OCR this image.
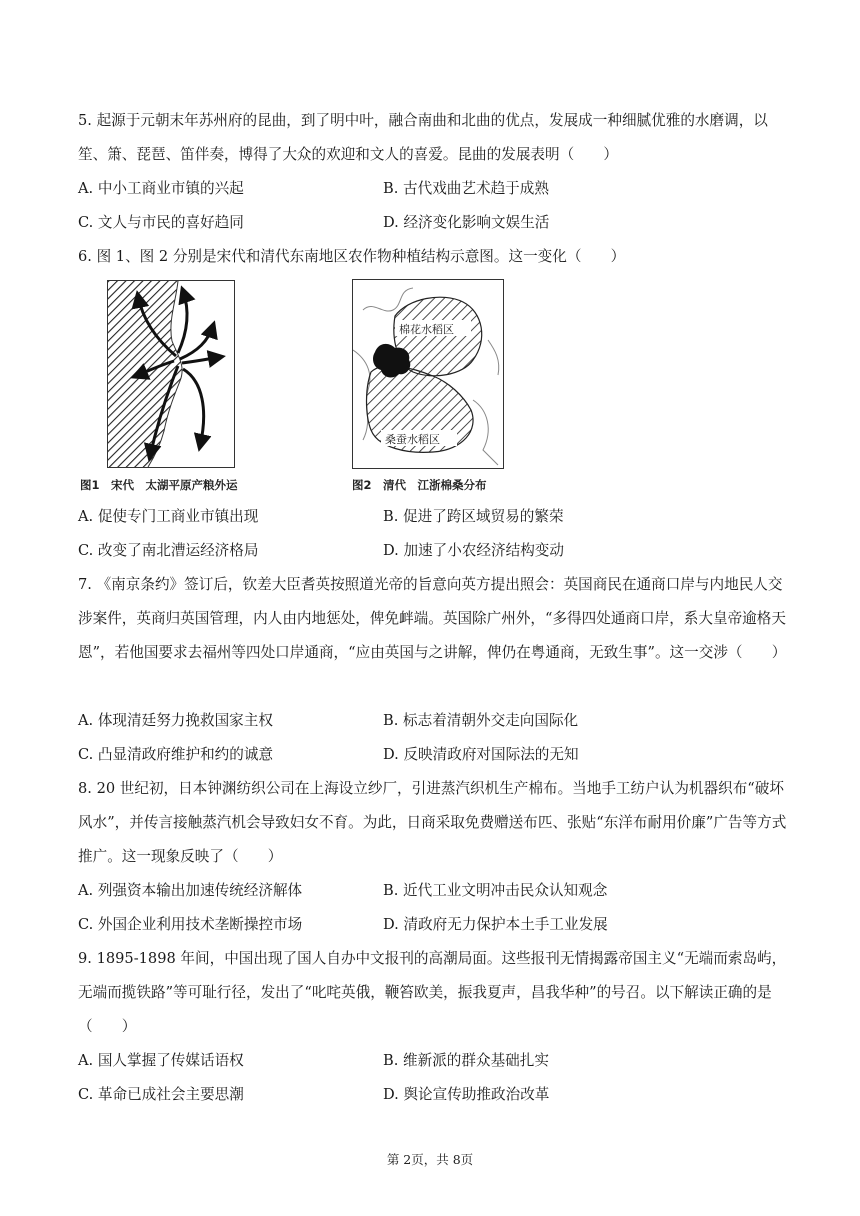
5. 起源于元朝末年苏州府的昆曲，到了明中叶，融合南曲和北曲的优点，发展成一种细腻优雅的水磨调，以笙、箫、琵琶、笛伴奏，博得了大众的欢迎和文人的喜爱。昆曲的发展表明（　　）
A. 中小工商业市镇的兴起	B. 古代戏曲艺术趋于成熟
C. 文人与市民的喜好趋同	D. 经济变化影响文娱生活
6. 图 1、图 2 分别是宋代和清代东南地区农作物种植结构示意图。这一变化（　　）
图1　宋代　太湖平原产粮外运
棉花水稻区
桑蚕水稻区
图2　清代　江浙棉桑分布
A. 促使专门工商业市镇出现	B. 促进了跨区域贸易的繁荣
C. 改变了南北漕运经济格局	D. 加速了小农经济结构变动
7. 《南京条约》签订后，钦差大臣耆英按照道光帝的旨意向英方提出照会：英国商民在通商口岸与内地民人交涉案件，英商归英国管理，内人由内地惩处，俾免衅端。英国除广州外，“多得四处通商口岸，系大皇帝逾格天恩”，若他国要求去福州等四处口岸通商，“应由英国与之讲解，俾仍在粤通商，无致生事”。这一交涉（　　）
A. 体现清廷努力挽救国家主权	B. 标志着清朝外交走向国际化
C. 凸显清政府维护和约的诚意	D. 反映清政府对国际法的无知
8. 20 世纪初，日本钟渊纺织公司在上海设立纱厂，引进蒸汽织机生产棉布。当地手工纺户认为机器织布“破坏风水”，并传言接触蒸汽机会导致妇女不育。为此，日商采取免费赠送布匹、张贴“东洋布耐用价廉”广告等方式推广。这一现象反映了（　　）
A. 列强资本输出加速传统经济解体	B. 近代工业文明冲击民众认知观念
C. 外国企业利用技术垄断操控市场	D. 清政府无力保护本土手工业发展
9. 1895-1898 年间，中国出现了国人自办中文报刊的高潮局面。这些报刊无情揭露帝国主义“无端而索岛屿，无端而揽铁路”等可耻行径，发出了“叱咤英俄，鞭笞欧美，振我夏声，昌我华种”的号召。以下解读正确的是（　　）
A. 国人掌握了传媒话语权	B. 维新派的群众基础扎实
C. 革命已成社会主要思潮	D. 舆论宣传助推政治改革
第 2页，共 8页
